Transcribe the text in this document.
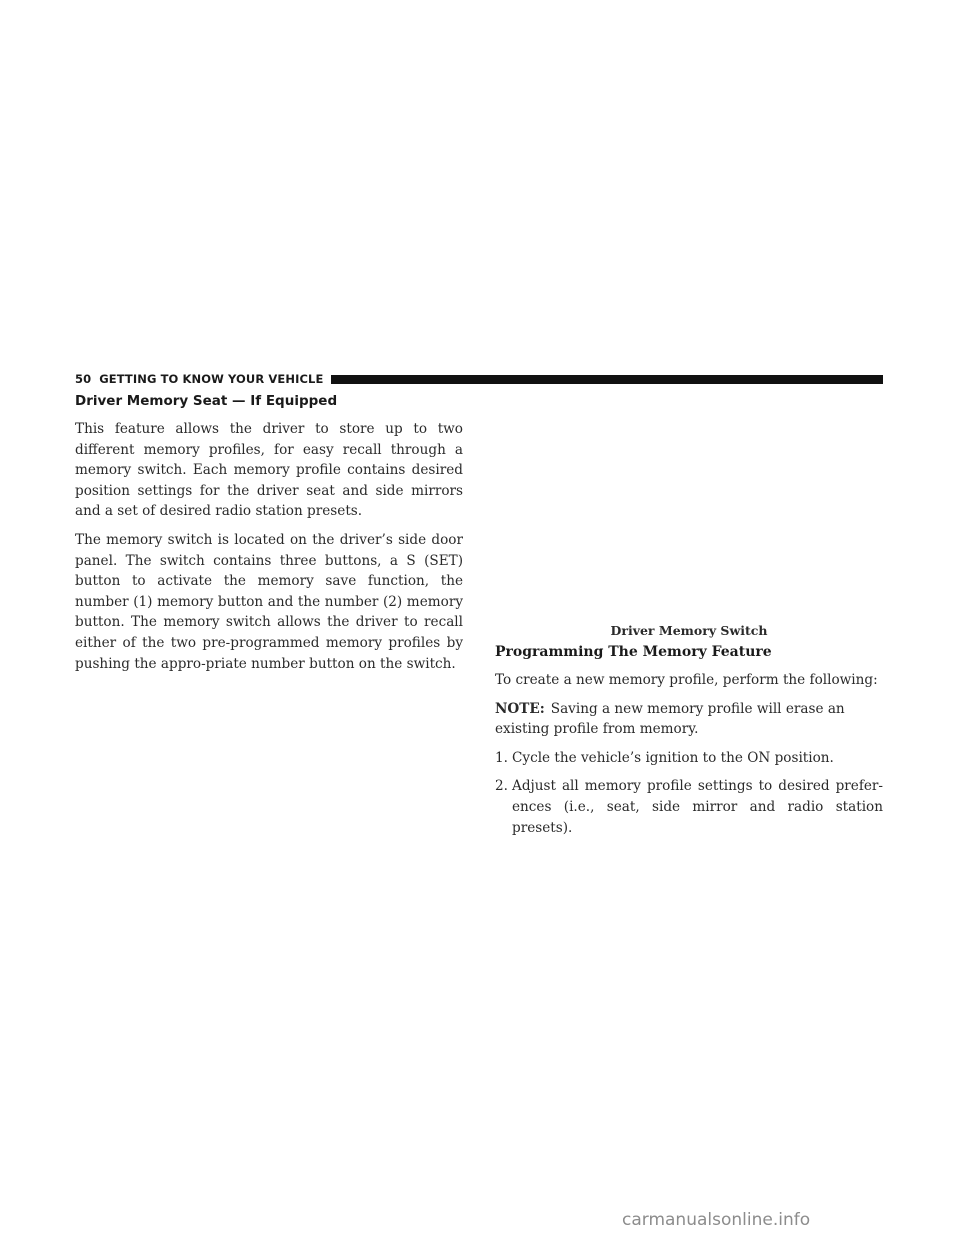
50 GETTING TO KNOW YOUR VEHICLE
Driver Memory Seat — If Equipped

This feature allows the driver to store up to two different memory profiles, for easy recall through a memory switch. Each memory profile contains desired position settings for the driver seat and side mirrors and a set of desired radio station presets.

The memory switch is located on the driver’s side door panel. The switch contains three buttons, a S (SET) button to activate the memory save function, the number (1) memory button and the number (2) memory button. The memory switch allows the driver to recall either of the two pre-programmed memory profiles by pushing the appro-priate number button on the switch.

Driver Memory Switch
Programming The Memory Feature

To create a new memory profile, perform the following:

NOTE: Saving a new memory profile will erase an existing profile from memory.

1. Cycle the vehicle’s ignition to the ON position.

2. Adjust all memory profile settings to desired prefer-ences (i.e., seat, side mirror and radio station presets).

carmanualsonline.info
